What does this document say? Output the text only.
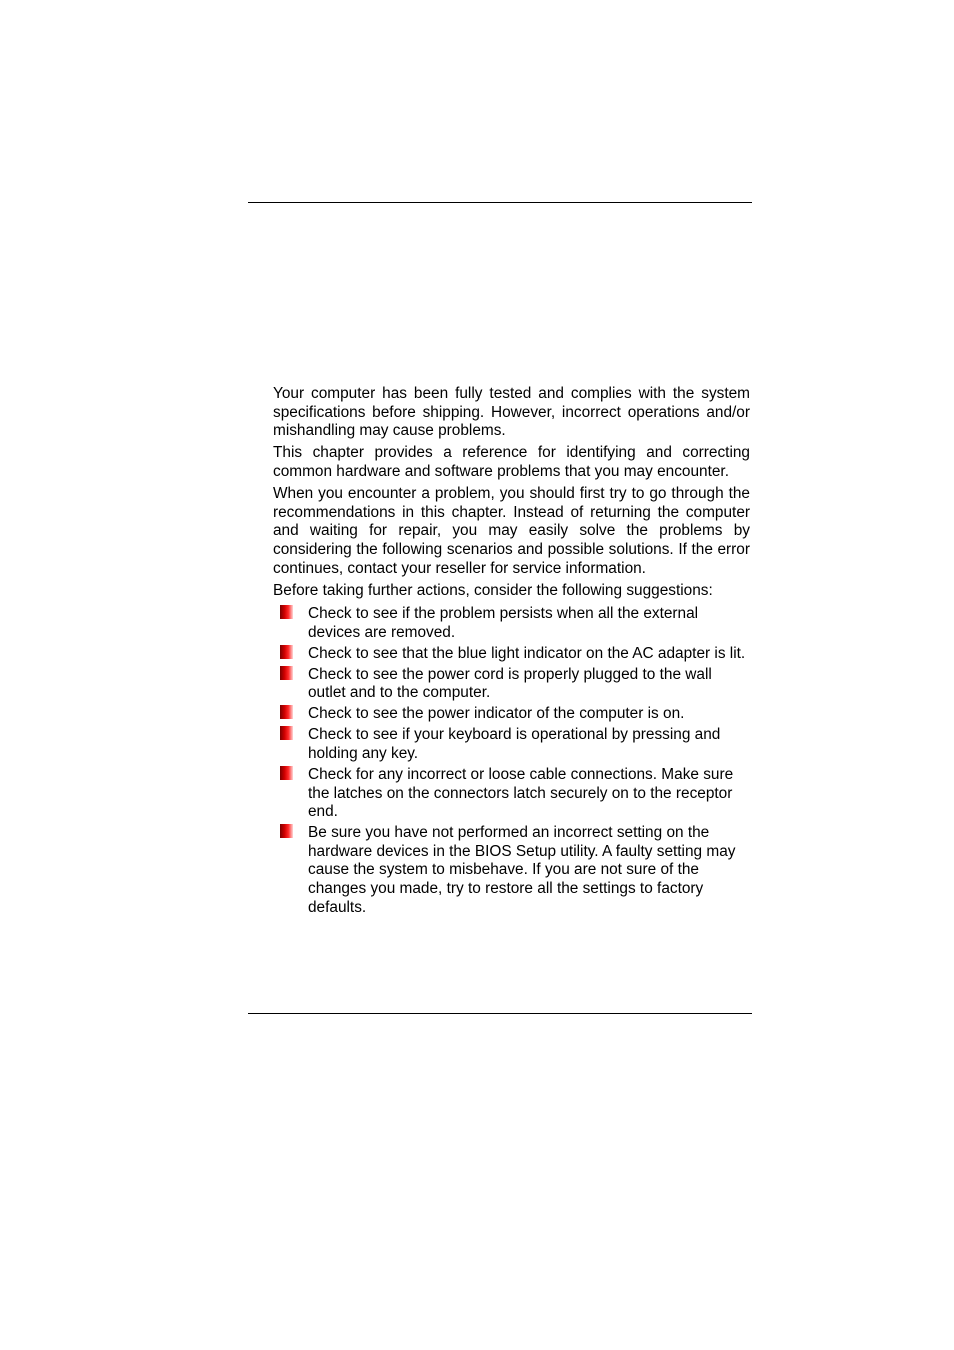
Your computer has been fully tested and complies with the system specifications before shipping. However, incorrect operations and/or mishandling may cause problems.

This chapter provides a reference for identifying and correcting common hardware and software problems that you may encounter.

When you encounter a problem, you should first try to go through the recommendations in this chapter. Instead of returning the computer and waiting for repair, you may easily solve the problems by considering the following scenarios and possible solutions. If the error continues, contact your reseller for service information.

Before taking further actions, consider the following suggestions:

Check to see if the problem persists when all the external devices are removed.
Check to see that the blue light indicator on the AC adapter is lit.
Check to see the power cord is properly plugged to the wall outlet and to the computer.
Check to see the power indicator of the computer is on.
Check to see if your keyboard is operational by pressing and holding any key.
Check for any incorrect or loose cable connections. Make sure the latches on the connectors latch securely on to the receptor end.
Be sure you have not performed an incorrect setting on the hardware devices in the BIOS Setup utility. A faulty setting may cause the system to misbehave. If you are not sure of the changes you made, try to restore all the settings to factory defaults.
